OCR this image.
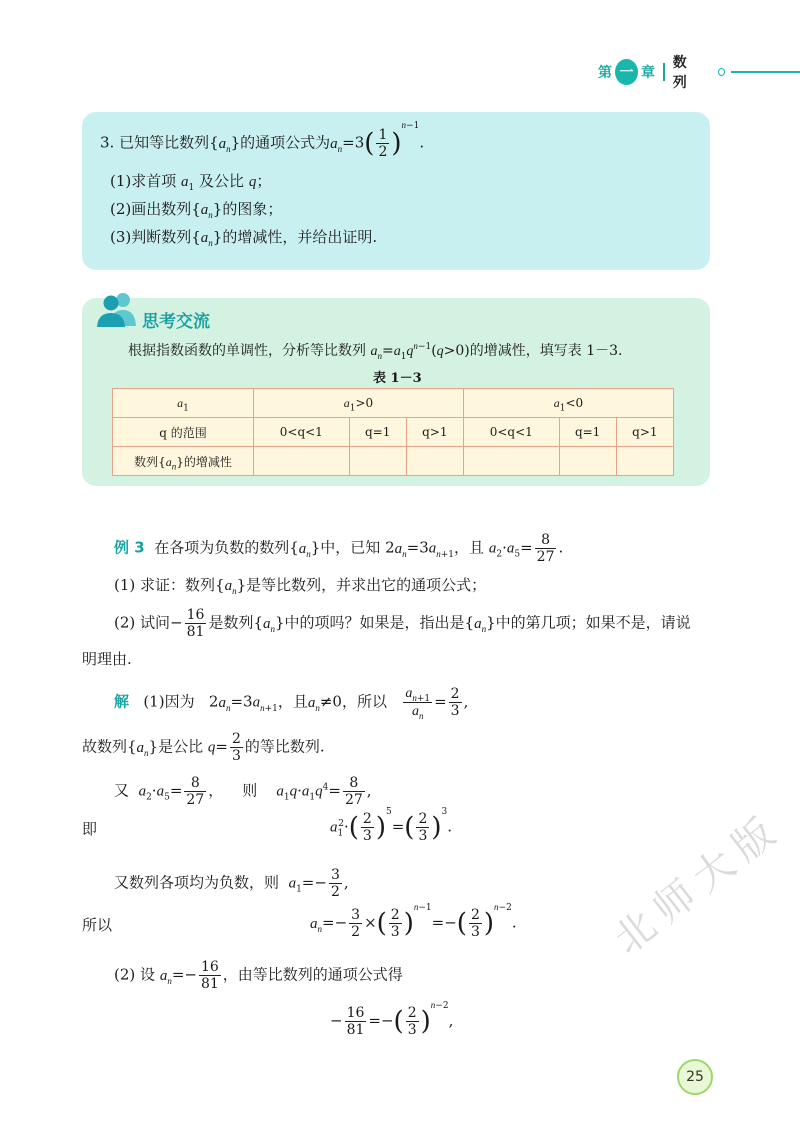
第 一 章
数 列
3. 已知等比数列$\{a_n\}$的通项公式为$a_n=3( \frac{1}{2} )^{n-1}$.
(1)求首项 $a_1$ 及公比 q；
(2)画出数列$\{a_n\}$的图象；
(3)判断数列$\{a_n\}$的增减性，并给出证明.
思考交流
根据指数函数的单调性，分析等比数列 $a_n=a_1q^{n-1}(q>0)$的增减性，填写表 1－3.
表 1－3
$a_1$	$a_1>0$			$a_1<0$		
q 的范围	0<q<1	q=1	q>1	0<q<1	q=1	q>1
数列$\{a_n\}$的增减性						
例 3 在各项为负数的数列$\{a_n\}$中，已知 $2a_n=3a_{n+1}$，且 $a_2\cdot a_5= \frac{8}{27}$ .
(1) 求证：数列$\{a_n\}$是等比数列，并求出它的通项公式；
(2) 试问− $\frac{16}{81}$ 是数列$\{a_n\}$中的项吗？如果是，指出是$\{a_n\}$中的第几项；如果不是，请说
明理由.
解 (1)因为   $2a_n=3a_{n+1}$，且$a_n\ne 0$，所以 $\frac{a_{n+1}}{a_n} = \frac{2}{3}$ ,
故数列$\{a_n\}$是公比 $q= \frac{2}{3}$ 的等比数列.
又 $a_2\cdot a_5= \frac{8}{27}$ ，    则 $a_1q\cdot a_1q^4= \frac{8}{27}$ ,
即	$a_1^2\cdot( \frac{2}{3} )^5=( \frac{2}{3} )^3$.
又数列各项均为负数，则 $a_1=- \frac{3}{2}$ ,
所以	$a_n=- \frac{3}{2}$ ×( $\frac{2}{3} )^{n-1}=-( \frac{2}{3} )^{n-2}$.
(2) 设 $a_n=- \frac{16}{81}$ ，由等比数列的通项公式得
− $\frac{16}{81}$ =−( $\frac{2}{3} )^{n-2}$,
北师大版
25
